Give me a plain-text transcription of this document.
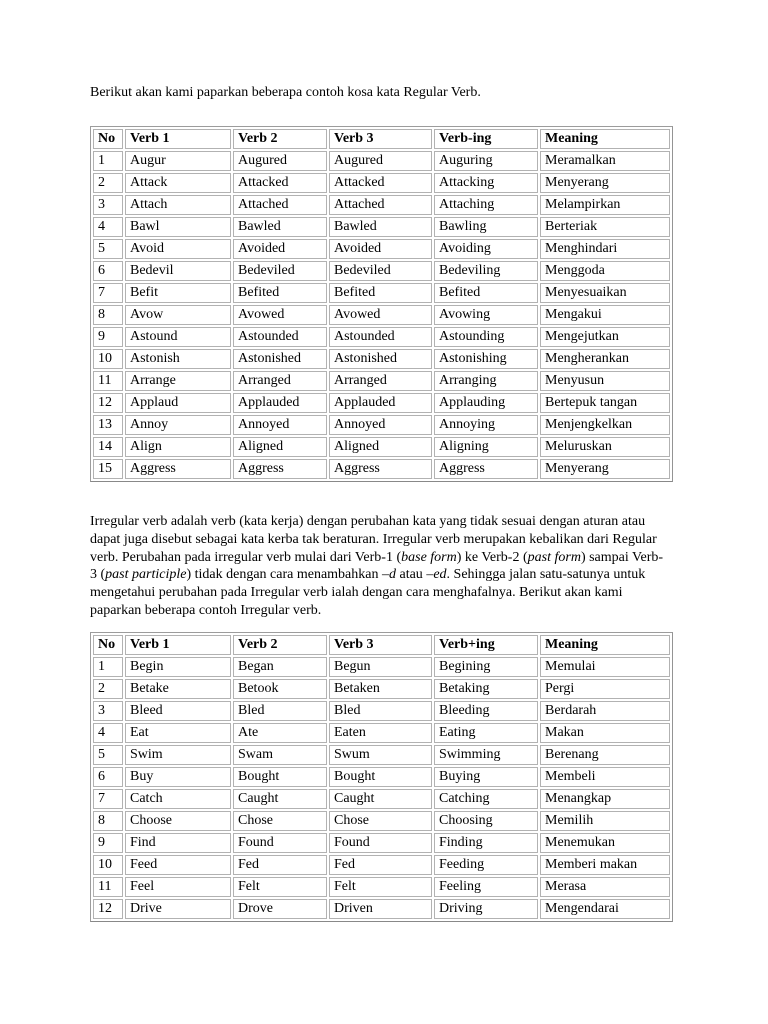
Berikut akan kami paparkan beberapa contoh kosa kata Regular Verb.

No	Verb 1	Verb 2	Verb 3	Verb-ing	Meaning
1	Augur	Augured	Augured	Auguring	Meramalkan
2	Attack	Attacked	Attacked	Attacking	Menyerang
3	Attach	Attached	Attached	Attaching	Melampirkan
4	Bawl	Bawled	Bawled	Bawling	Berteriak
5	Avoid	Avoided	Avoided	Avoiding	Menghindari
6	Bedevil	Bedeviled	Bedeviled	Bedeviling	Menggoda
7	Befit	Befited	Befited	Befited	Menyesuaikan
8	Avow	Avowed	Avowed	Avowing	Mengakui
9	Astound	Astounded	Astounded	Astounding	Mengejutkan
10	Astonish	Astonished	Astonished	Astonishing	Mengherankan
11	Arrange	Arranged	Arranged	Arranging	Menyusun
12	Applaud	Applauded	Applauded	Applauding	Bertepuk tangan
13	Annoy	Annoyed	Annoyed	Annoying	Menjengkelkan
14	Align	Aligned	Aligned	Aligning	Meluruskan
15	Aggress	Aggress	Aggress	Aggress	Menyerang

Irregular verb adalah verb (kata kerja) dengan perubahan kata yang tidak sesuai dengan aturan atau dapat juga disebut sebagai kata kerba tak beraturan. Irregular verb merupakan kebalikan dari Regular verb. Perubahan pada irregular verb mulai dari Verb-1 (base form) ke Verb-2 (past form) sampai Verb-3 (past participle) tidak dengan cara menambahkan –d atau –ed. Sehingga jalan satu-satunya untuk mengetahui perubahan pada Irregular verb ialah dengan cara menghafalnya. Berikut akan kami paparkan beberapa contoh Irregular verb.

No	Verb 1	Verb 2	Verb 3	Verb+ing	Meaning
1	Begin	Began	Begun	Begining	Memulai
2	Betake	Betook	Betaken	Betaking	Pergi
3	Bleed	Bled	Bled	Bleeding	Berdarah
4	Eat	Ate	Eaten	Eating	Makan
5	Swim	Swam	Swum	Swimming	Berenang
6	Buy	Bought	Bought	Buying	Membeli
7	Catch	Caught	Caught	Catching	Menangkap
8	Choose	Chose	Chose	Choosing	Memilih
9	Find	Found	Found	Finding	Menemukan
10	Feed	Fed	Fed	Feeding	Memberi makan
11	Feel	Felt	Felt	Feeling	Merasa
12	Drive	Drove	Driven	Driving	Mengendarai
